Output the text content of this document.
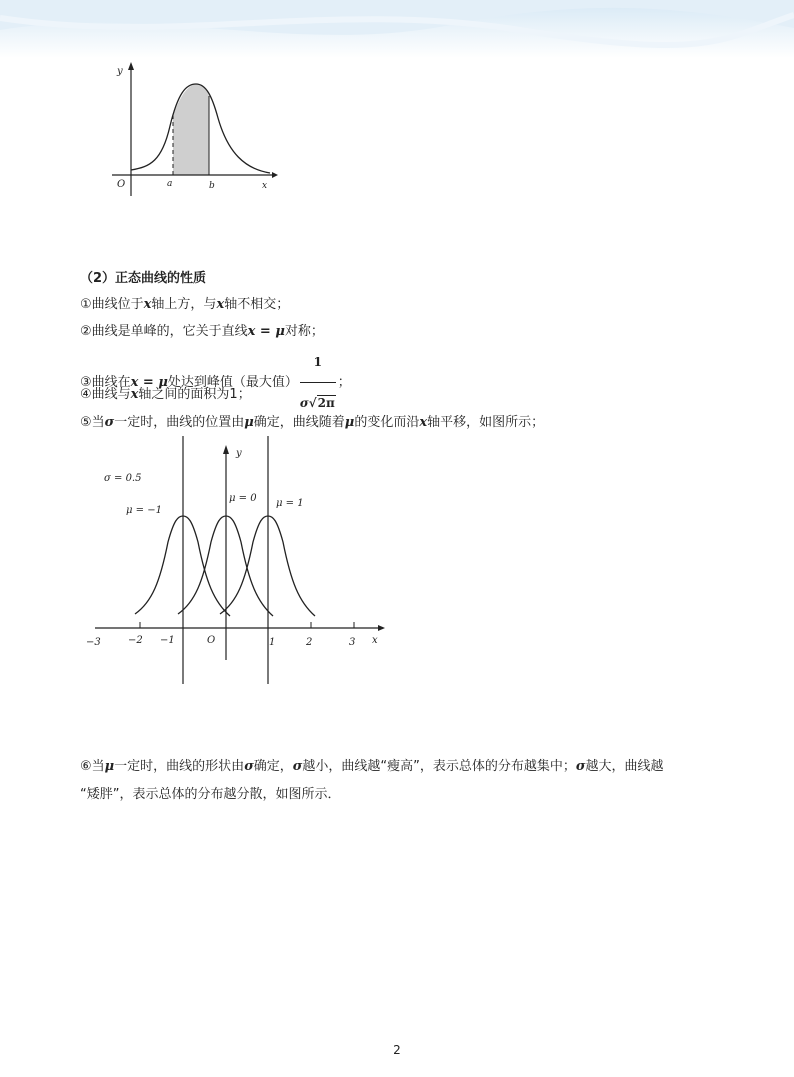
y
O	a	b	x
（2）正态曲线的性质
①曲线位于x轴上方，与x轴不相交；
②曲线是单峰的，它关于直线x = μ对称；
③曲线在x = μ处达到峰值（最大值） $\frac{1}{\sigma√2\pi}$ ；
④曲线与x轴之间的面积为1；
⑤当σ一定时，曲线的位置由μ确定，曲线随着μ的变化而沿x轴平移，如图所示；
σ = 0.5
μ = −1
μ = 0 μ = 1
y
x
O
−3	−2 −1	1	2	3
⑥当μ一定时，曲线的形状由σ确定，σ越小，曲线越“瘦高”，表示总体的分布越集中；σ越大，曲线越
“矮胖”，表示总体的分布越分散，如图所示．
2
